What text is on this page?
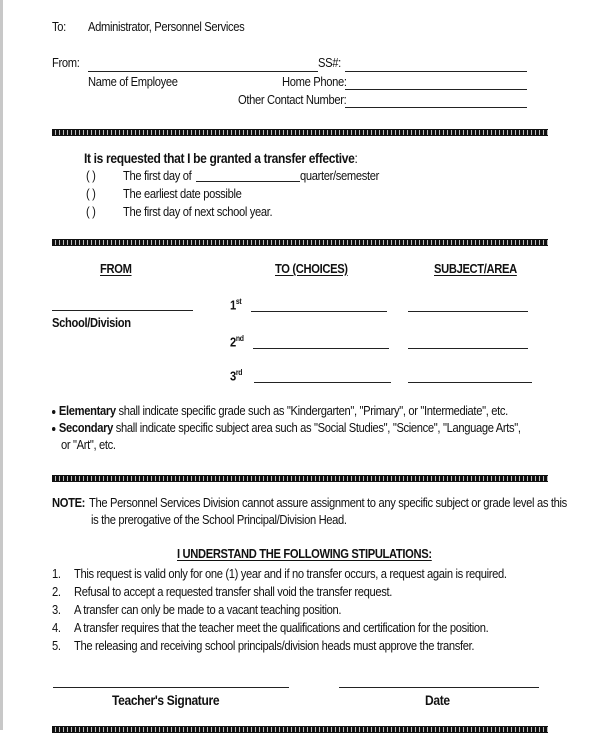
To: Administrator, Personnel Services
From:
Name of Employee
SS#:
Home Phone:
Other Contact Number:
It is requested that I be granted a transfer effective:
( ) The first day of	quarter/semester
( ) The earliest date possible
( ) The first day of next school year.
FROM	TO (CHOICES)	SUBJECT/AREA
School/Division
1st
2nd
3rd
Elementary shall indicate specific grade such as "Kindergarten", "Primary", or "Intermediate", etc.
Secondary shall indicate specific subject area such as "Social Studies", "Science", "Language Arts",
or "Art", etc.
NOTE: The Personnel Services Division cannot assure assignment to any specific subject or grade level as this
is the prerogative of the School Principal/Division Head.
I UNDERSTAND THE FOLLOWING STIPULATIONS:
1. This request is valid only for one (1) year and if no transfer occurs, a request again is required.
2. Refusal to accept a requested transfer shall void the transfer request.
3. A transfer can only be made to a vacant teaching position.
4. A transfer requires that the teacher meet the qualifications and certification for the position.
5. The releasing and receiving school principals/division heads must approve the transfer.
Teacher's Signature	Date
